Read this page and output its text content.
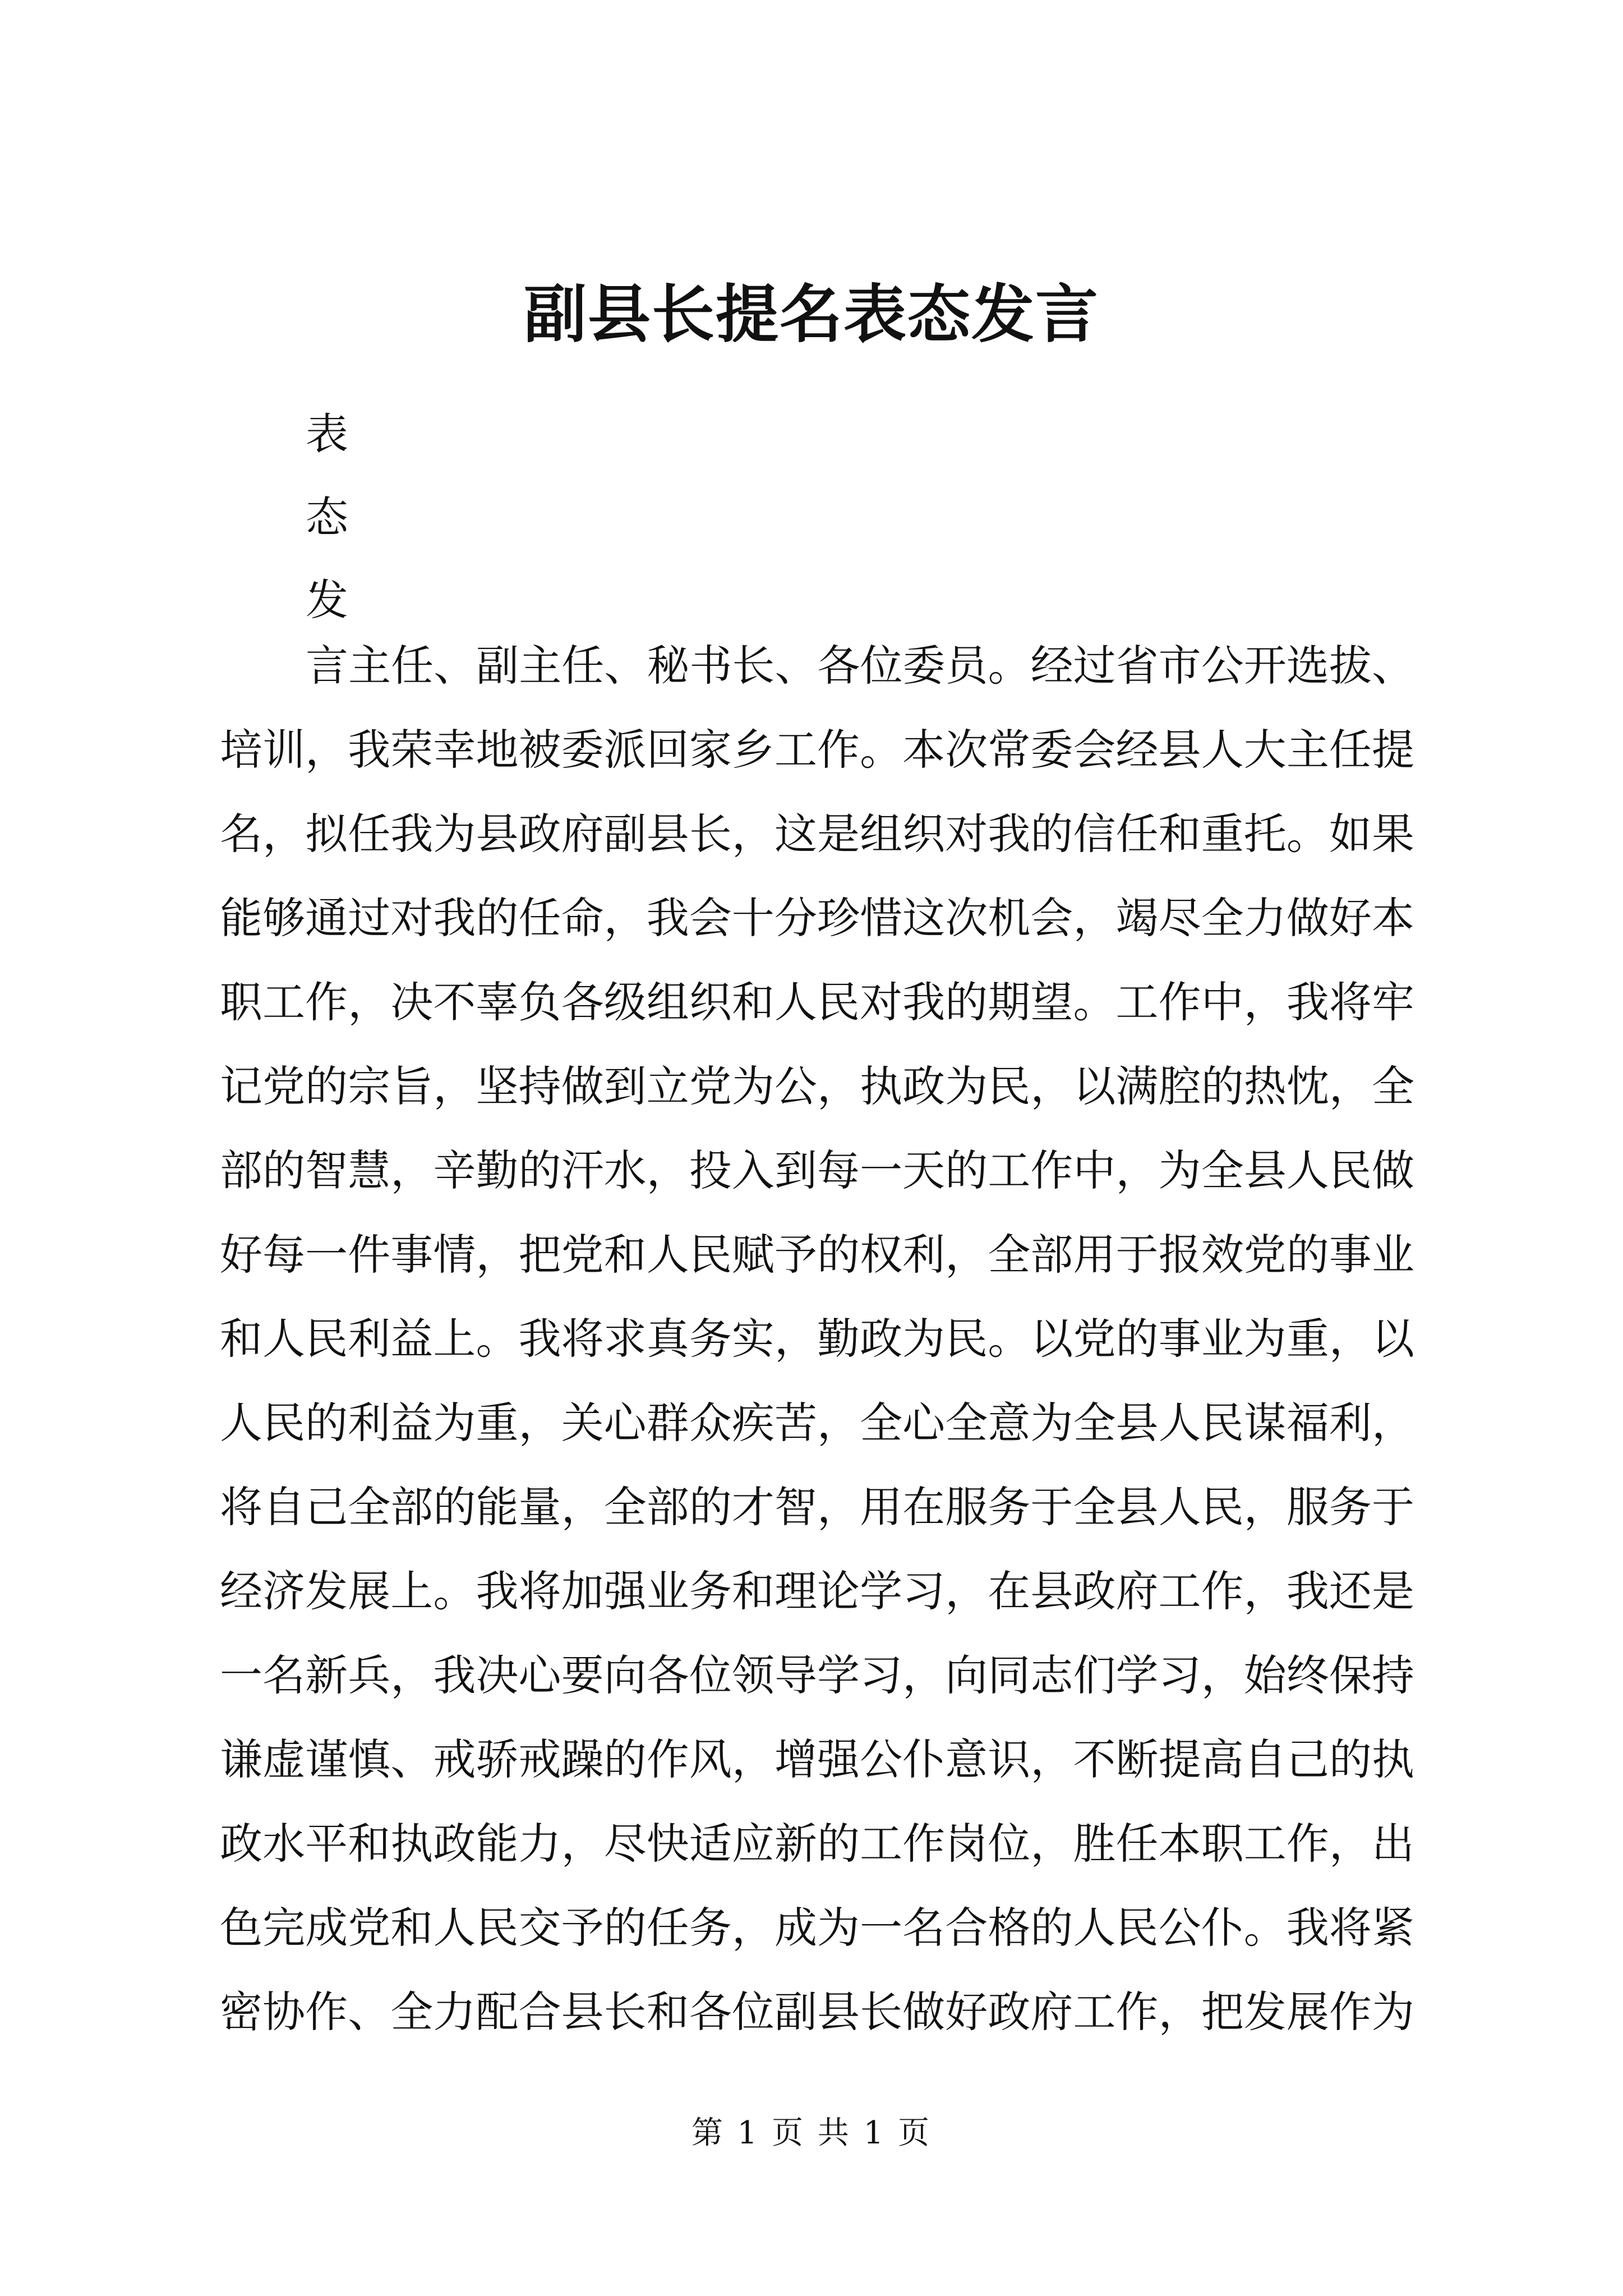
副县长提名表态发言
表
态
发
言主任、副主任、秘书长、各位委员。经过省市公开选拔、
培训，我荣幸地被委派回家乡工作。本次常委会经县人大主任提
名，拟任我为县政府副县长，这是组织对我的信任和重托。如果
能够通过对我的任命，我会十分珍惜这次机会，竭尽全力做好本
职工作，决不辜负各级组织和人民对我的期望。工作中，我将牢
记党的宗旨，坚持做到立党为公，执政为民，以满腔的热忱，全
部的智慧，辛勤的汗水，投入到每一天的工作中，为全县人民做
好每一件事情，把党和人民赋予的权利，全部用于报效党的事业
和人民利益上。我将求真务实，勤政为民。以党的事业为重，以
人民的利益为重，关心群众疾苦，全心全意为全县人民谋福利，
将自己全部的能量，全部的才智，用在服务于全县人民，服务于
经济发展上。我将加强业务和理论学习，在县政府工作，我还是
一名新兵，我决心要向各位领导学习，向同志们学习，始终保持
谦虚谨慎、戒骄戒躁的作风，增强公仆意识，不断提高自己的执
政水平和执政能力，尽快适应新的工作岗位，胜任本职工作，出
色完成党和人民交予的任务，成为一名合格的人民公仆。我将紧
密协作、全力配合县长和各位副县长做好政府工作，把发展作为
第 1 页 共 1 页
